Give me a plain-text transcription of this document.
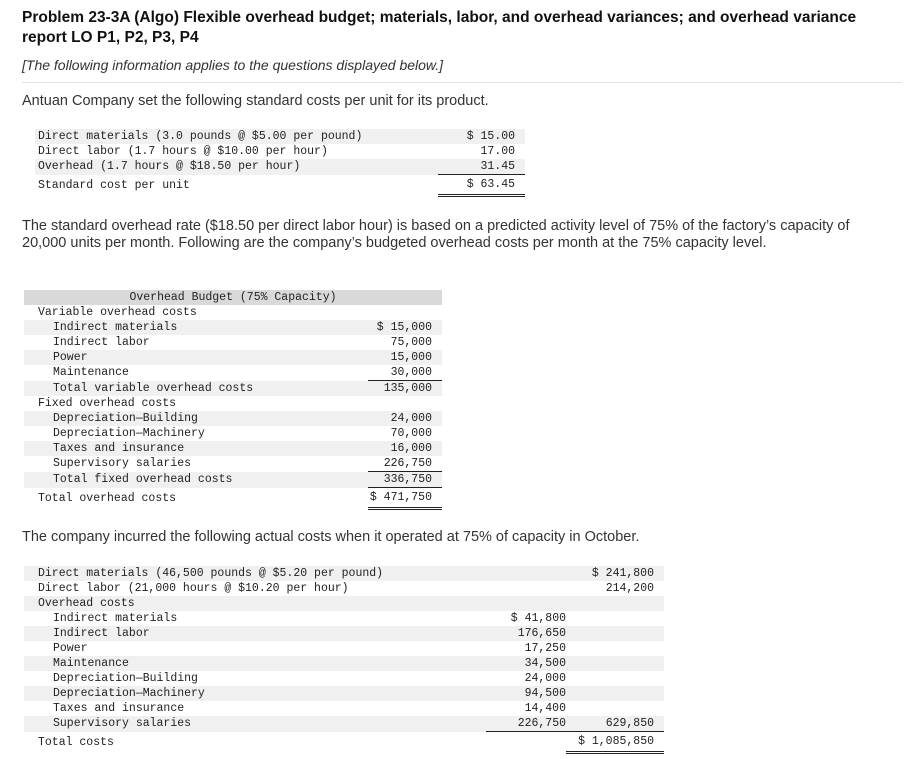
Problem 23-3A (Algo) Flexible overhead budget; materials, labor, and overhead variances; and overhead variance report LO P1, P2, P3, P4
[The following information applies to the questions displayed below.]
Antuan Company set the following standard costs per unit for its product.
Direct materials (3.0 pounds @ $5.00 per pound)	$ 15.00
Direct labor (1.7 hours @ $10.00 per hour)	17.00
Overhead (1.7 hours @ $18.50 per hour)	31.45
Standard cost per unit	$ 63.45
The standard overhead rate ($18.50 per direct labor hour) is based on a predicted activity level of 75% of the factory’s capacity of 20,000 units per month. Following are the company’s budgeted overhead costs per month at the 75% capacity level.
Overhead Budget (75% Capacity)	
Variable overhead costs	
Indirect materials	$ 15,000
Indirect labor	75,000
Power	15,000
Maintenance	30,000
Total variable overhead costs	135,000
Fixed overhead costs	
Depreciation—Building	24,000
Depreciation—Machinery	70,000
Taxes and insurance	16,000
Supervisory salaries	226,750
Total fixed overhead costs	336,750
Total overhead costs	$ 471,750
The company incurred the following actual costs when it operated at 75% of capacity in October.
Direct materials (46,500 pounds @ $5.20 per pound)		$ 241,800
Direct labor (21,000 hours @ $10.20 per hour)		214,200
Overhead costs		
Indirect materials	$ 41,800	
Indirect labor	176,650	
Power	17,250	
Maintenance	34,500	
Depreciation—Building	24,000	
Depreciation—Machinery	94,500	
Taxes and insurance	14,400	
Supervisory salaries	226,750	629,850
Total costs		$ 1,085,850
